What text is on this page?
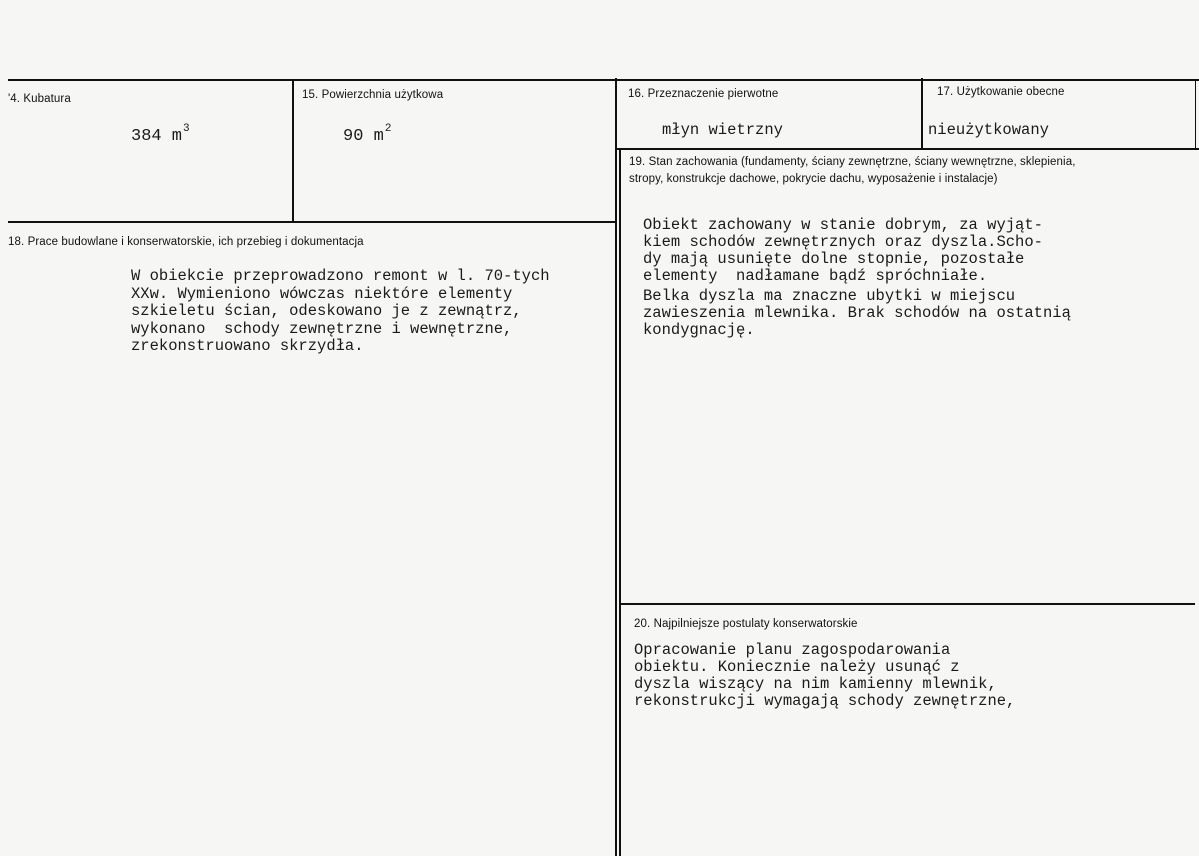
'4. Kubatura
384 $m^3$
15. Powierzchnia użytkowa
90 $m^2$
16. Przeznaczenie pierwotne
młyn wietrzny
17. Użytkowanie obecne
nieużytkowany
18. Prace budowlane i konserwatorskie, ich przebieg i dokumentacja
W obiekcie przeprowadzono remont w l. 70-tych
XXw. Wymieniono wówczas niektóre elementy
szkieletu ścian, odeskowano je z zewnątrz,
wykonano  schody zewnętrzne i wewnętrzne,
zrekonstruowano skrzydła.
19. Stan zachowania (fundamenty, ściany zewnętrzne, ściany wewnętrzne, sklepienia,
stropy, konstrukcje dachowe, pokrycie dachu, wyposażenie i instalacje)
Obiekt zachowany w stanie dobrym, za wyjąt-
kiem schodów zewnętrznych oraz dyszla.Scho-
dy mają usunięte dolne stopnie, pozostałe
elementy  nadłamane bądź spróchniałe.
Belka dyszla ma znaczne ubytki w miejscu
zawieszenia mlewnika. Brak schodów na ostatnią
kondygnację.
20. Najpilniejsze postulaty konserwatorskie
Opracowanie planu zagospodarowania
obiektu. Koniecznie należy usunąć z
dyszla wiszący na nim kamienny mlewnik,
rekonstrukcji wymagają schody zewnętrzne,
